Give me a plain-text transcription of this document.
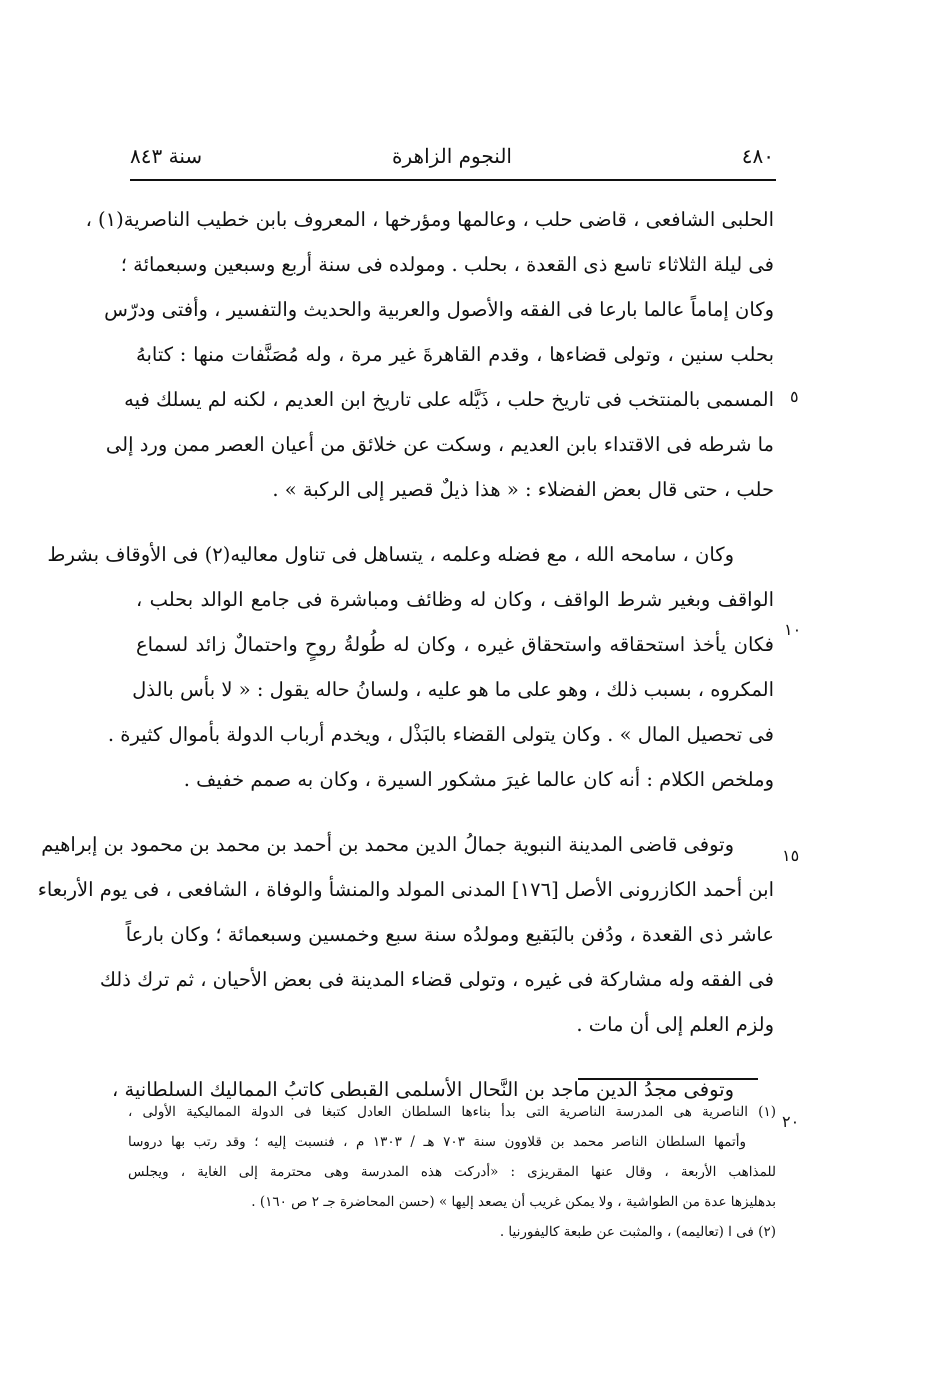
٤٨٠
النجوم الزاهرة
سنة ٨٤٣
الحلبى الشافعى ، قاضى حلب ، وعالمها ومؤرخها ، المعروف بابن خطيب الناصرية(١) ،
فى ليلة الثلاثاء تاسع ذى القعدة ، بحلب . ومولده فى سنة أربع وسبعين وسبعمائة ؛
وكان إماماً عالما بارعا فى الفقه والأصول والعربية والحديث والتفسير ، وأفتى ودرّس
بحلب سنين ، وتولى قضاءها ، وقدم القاهرةَ غير مرة ، وله مُصَنَّفات منها : كتابهُ
المسمى بالمنتخب فى تاريخ حلب ، ذَيَّله على تاريخ ابن العديم ، لكنه لم يسلك فيه
ما شرطه فى الاقتداء بابن العديم ، وسكت عن خلائق من أعيان العصر ممن ورد إلى
حلب ، حتى قال بعض الفضلاء : « هذا ذيلٌ قصير إلى الركبة » .
وكان ، سامحه الله ، مع فضله وعلمه ، يتساهل فى تناول معاليه(٢) فى الأوقاف بشرط
الواقف وبغير شرط الواقف ، وكان له وظائف ومباشرة فى جامع الوالد بحلب ،
فكان يأخذ استحقاقه واستحقاق غيره ، وكان له طُولةُ روحٍ واحتمالٌ زائد لسماع
المكروه ، بسبب ذلك ، وهو على ما هو عليه ، ولسانُ حاله يقول : « لا بأس بالذل
فى تحصيل المال » . وكان يتولى القضاء بالبَذْل ، ويخدم أرباب الدولة بأموال كثيرة .
وملخص الكلام : أنه كان عالما غيرَ مشكور السيرة ، وكان به صمم خفيف .
وتوفى قاضى المدينة النبوية جمالُ الدين محمد بن أحمد بن محمد بن محمود بن إبراهيم
ابن أحمد الكازرونى الأصل [١٧٦] المدنى المولد والمنشأ والوفاة ، الشافعى ، فى يوم الأربعاء
عاشر ذى القعدة ، ودُفن بالبَقيع ومولدُه سنة سبع وخمسين وسبعمائة ؛ وكان بارعاً
فى الفقه وله مشاركة فى غيره ، وتولى قضاء المدينة فى بعض الأحيان ، ثم ترك ذلك
ولزم العلم إلى أن مات .
وتوفى مجدُ الدين ماجد بن النَّحال الأسلمى القبطى كاتبُ المماليك السلطانية ،
٥
١٠
١٥
٢٠
(١) الناصرية هى المدرسة الناصرية التى بدأ بناءها السلطان العادل كتبغا فى الدولة المماليكية الأولى ،
وأتمها السلطان الناصر محمد بن قلاوون سنة ٧٠٣ هـ / ١٣٠٣ م ، فنسبت إليه ؛ وقد رتب بها دروسا
للمذاهب الأربعة ، وقال عنها المقريزى : «أدركت هذه المدرسة وهى محترمة إلى الغاية ، ويجلس
بدهليزها عدة من الطواشية ، ولا يمكن غريب أن يصعد إليها » (حسن المحاضرة جـ ٢ ص ١٦٠) .
(٢) فى ا (تعاليمه) ، والمثبت عن طبعة كاليفورنيا .
